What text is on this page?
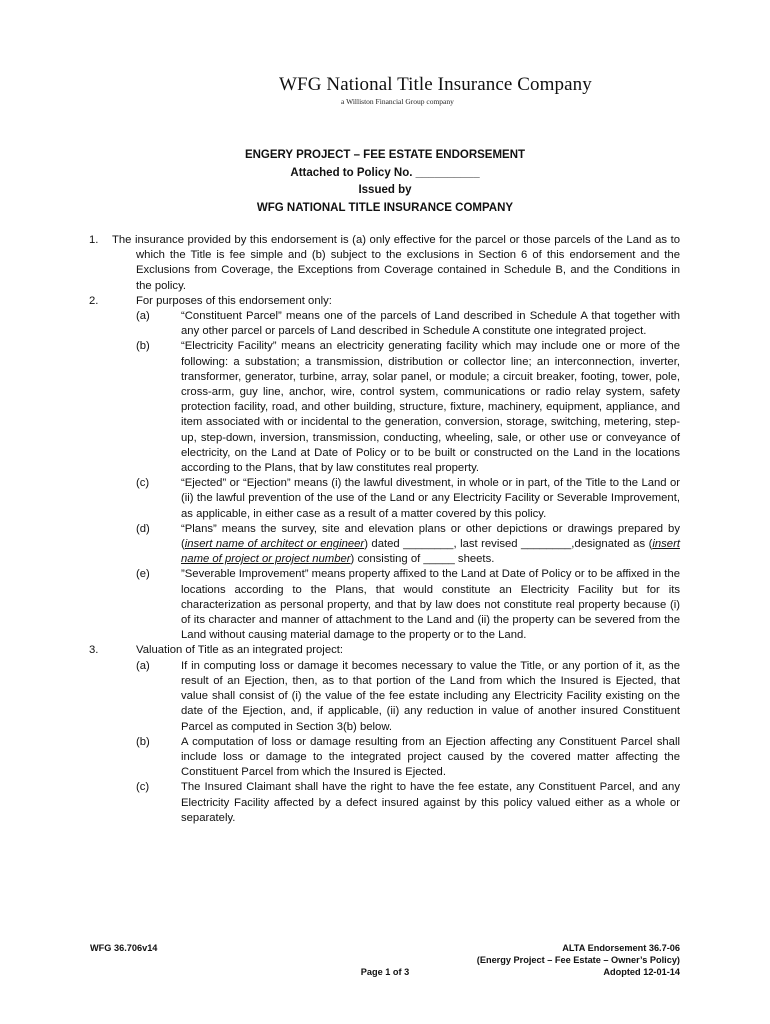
WFG National Title Insurance Company
a Williston Financial Group company
ENGERY PROJECT – FEE ESTATE ENDORSEMENT
Attached to Policy No. __________
Issued by
WFG NATIONAL TITLE INSURANCE COMPANY
1. The insurance provided by this endorsement is (a) only effective for the parcel or those parcels of the Land as to which the Title is fee simple and (b) subject to the exclusions in Section 6 of this endorsement and the Exclusions from Coverage, the Exceptions from Coverage contained in Schedule B, and the Conditions in the policy.
2.	For purposes of this endorsement only:
(a)	“Constituent Parcel” means one of the parcels of Land described in Schedule A that together with any other parcel or parcels of Land described in Schedule A constitute one integrated project.
(b)	“Electricity Facility” means an electricity generating facility which may include one or more of the following: a substation; a transmission, distribution or collector line; an interconnection, inverter, transformer, generator, turbine, array, solar panel, or module; a circuit breaker, footing, tower, pole, cross-arm, guy line, anchor, wire, control system, communications or radio relay system, safety protection facility, road, and other building, structure, fixture, machinery, equipment, appliance, and item associated with or incidental to the generation, conversion, storage, switching, metering, step-up, step-down, inversion, transmission, conducting, wheeling, sale, or other use or conveyance of electricity, on the Land at Date of Policy or to be built or constructed on the Land in the locations according to the Plans, that by law constitutes real property.
(c)	“Ejected” or “Ejection” means (i) the lawful divestment, in whole or in part, of the Title to the Land or (ii) the lawful prevention of the use of the Land or any Electricity Facility or Severable Improvement, as applicable, in either case as a result of a matter covered by this policy.
(d)	“Plans” means the survey, site and elevation plans or other depictions or drawings prepared by (insert name of architect or engineer) dated ________, last revised ________,designated as (insert name of project or project number) consisting of _____ sheets.
(e)	”Severable Improvement” means property affixed to the Land at Date of Policy or to be affixed in the locations according to the Plans, that would constitute an Electricity Facility but for its characterization as personal property, and that by law does not constitute real property because (i) of its character and manner of attachment to the Land and (ii) the property can be severed from the Land without causing material damage to the property or to the Land.
3.	Valuation of Title as an integrated project:
(a)	If in computing loss or damage it becomes necessary to value the Title, or any portion of it, as the result of an Ejection, then, as to that portion of the Land from which the Insured is Ejected, that value shall consist of (i) the value of the fee estate including any Electricity Facility existing on the date of the Ejection, and, if applicable, (ii) any reduction in value of another insured Constituent Parcel as computed in Section 3(b) below.
(b)	A computation of loss or damage resulting from an Ejection affecting any Constituent Parcel shall include loss or damage to the integrated project caused by the covered matter affecting the Constituent Parcel from which the Insured is Ejected.
(c)	The Insured Claimant shall have the right to have the fee estate, any Constituent Parcel, and any Electricity Facility affected by a defect insured against by this policy valued either as a whole or separately.
WFG 36.706v14
Page 1 of 3
ALTA Endorsement 36.7-06
(Energy Project – Fee Estate – Owner’s Policy)
Adopted 12-01-14
